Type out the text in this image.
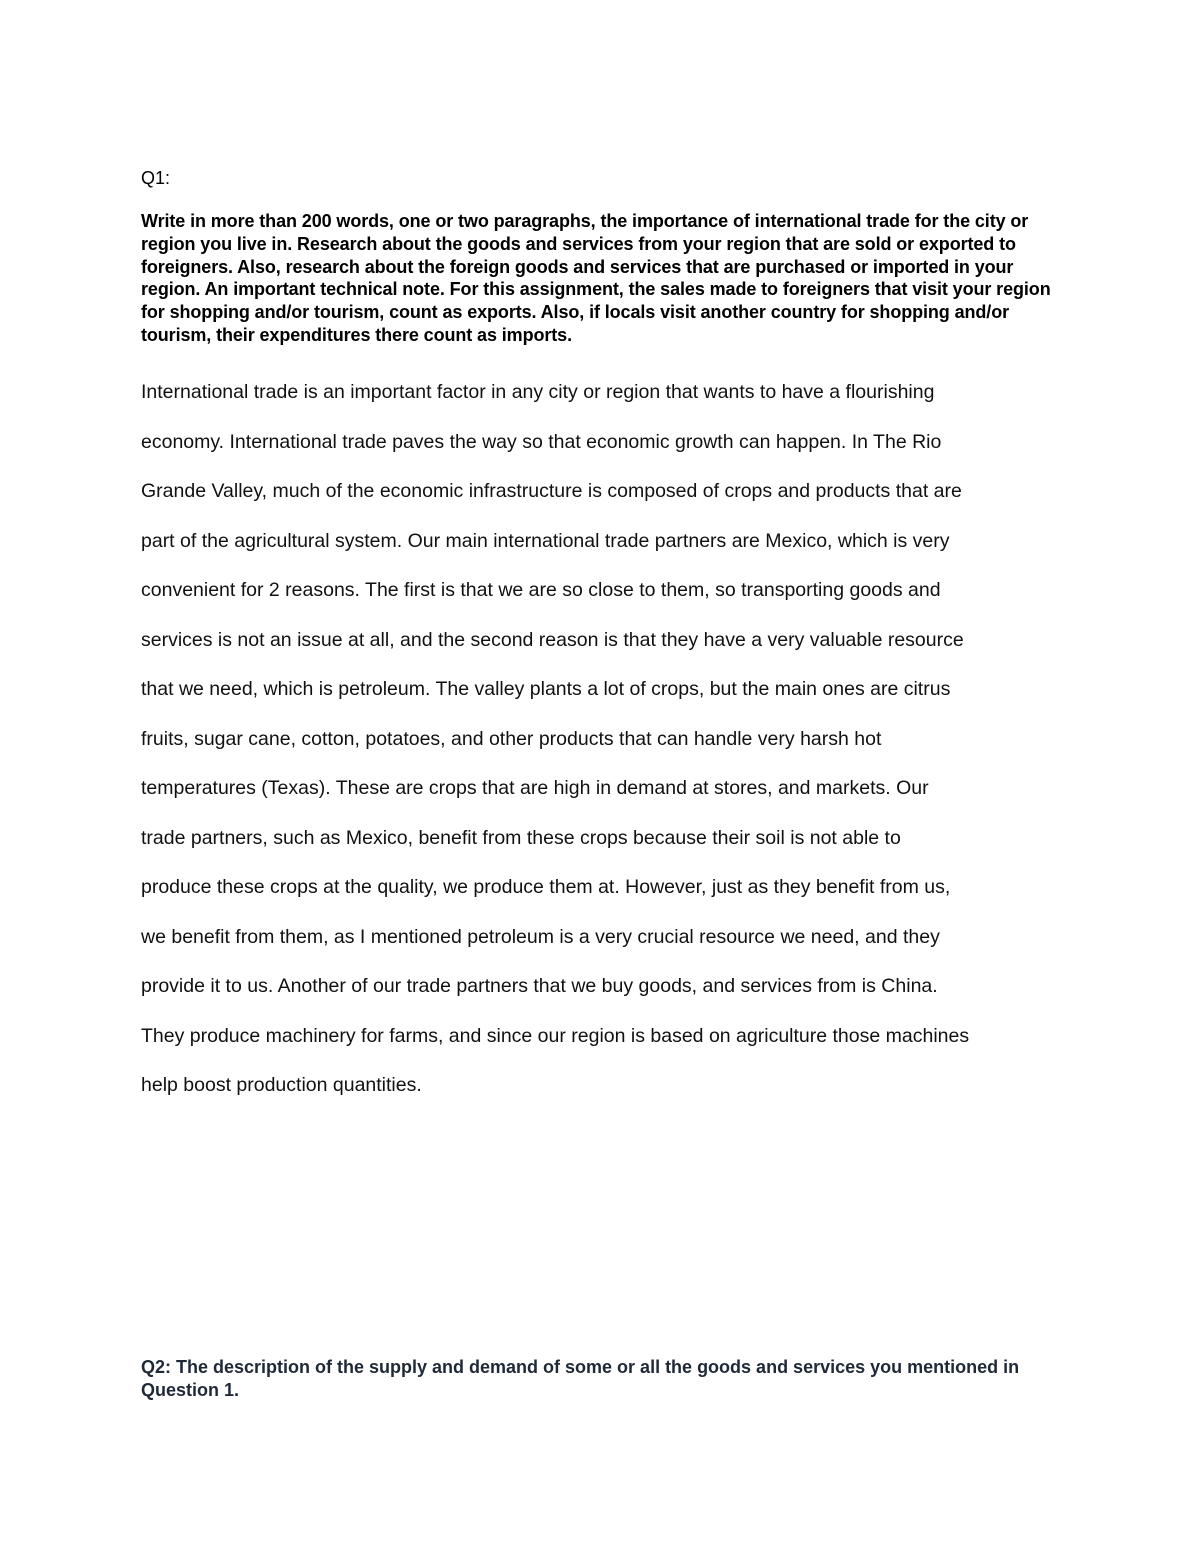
Q1:
Write in more than 200 words, one or two paragraphs, the importance of international trade for the city or region you live in. Research about the goods and services from your region that are sold or exported to foreigners. Also, research about the foreign goods and services that are purchased or imported in your region. An important technical note. For this assignment, the sales made to foreigners that visit your region for shopping and/or tourism, count as exports. Also, if locals visit another country for shopping and/or tourism, their expenditures there count as imports.
International trade is an important factor in any city or region that wants to have a flourishing
economy. International trade paves the way so that economic growth can happen. In The Rio
Grande Valley, much of the economic infrastructure is composed of crops and products that are
part of the agricultural system. Our main international trade partners are Mexico, which is very
convenient for 2 reasons. The first is that we are so close to them, so transporting goods and
services is not an issue at all, and the second reason is that they have a very valuable resource
that we need, which is petroleum. The valley plants a lot of crops, but the main ones are citrus
fruits, sugar cane, cotton, potatoes, and other products that can handle very harsh hot
temperatures (Texas). These are crops that are high in demand at stores, and markets. Our
trade partners, such as Mexico, benefit from these crops because their soil is not able to
produce these crops at the quality, we produce them at. However, just as they benefit from us,
we benefit from them, as I mentioned petroleum is a very crucial resource we need, and they
provide it to us. Another of our trade partners that we buy goods, and services from is China.
They produce machinery for farms, and since our region is based on agriculture those machines
help boost production quantities.
Q2: The description of the supply and demand of some or all the goods and services you mentioned in Question 1.
